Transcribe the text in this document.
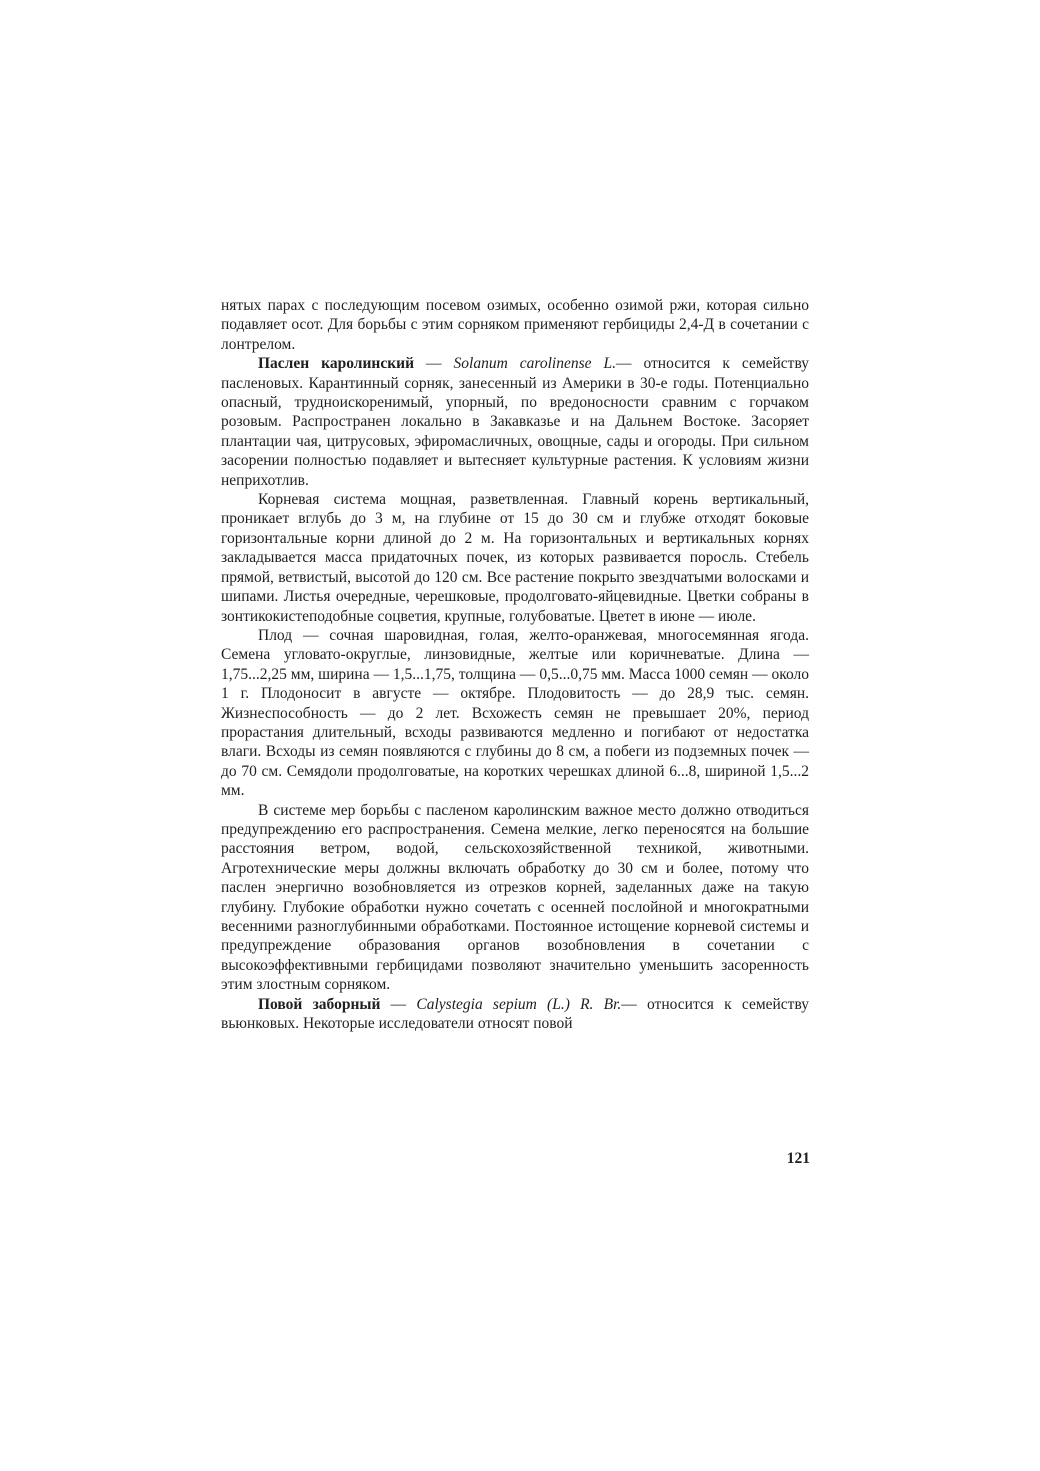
нятых парах с последующим посевом озимых, особенно озимой ржи, которая сильно подавляет осот. Для борьбы с этим сорняком применяют гербициды 2,4-Д в сочетании с лонтрелом.

Паслен каролинский — Solanum carolinense L.— относится к семейству пасленовых. Карантинный сорняк, занесенный из Америки в 30-е годы. Потенциально опасный, трудноискоренимый, упорный, по вредоносности сравним с горчаком розовым. Распространен локально в Закавказье и на Дальнем Востоке. Засоряет плантации чая, цитрусовых, эфиромасличных, овощные, сады и огороды. При сильном засорении полностью подавляет и вытесняет культурные растения. К условиям жизни неприхотлив.

Корневая система мощная, разветвленная. Главный корень вертикальный, проникает вглубь до 3 м, на глубине от 15 до 30 см и глубже отходят боковые горизонтальные корни длиной до 2 м. На горизонтальных и вертикальных корнях закладывается масса придаточных почек, из которых развивается поросль. Стебель прямой, ветвистый, высотой до 120 см. Все растение покрыто звездчатыми волосками и шипами. Листья очередные, черешковые, продолговато-яйцевидные. Цветки собраны в зонтикокистеподобные соцветия, крупные, голубоватые. Цветет в июне — июле.

Плод — сочная шаровидная, голая, желто-оранжевая, многосемянная ягода. Семена угловато-округлые, линзовидные, желтые или коричневатые. Длина — 1,75...2,25 мм, ширина — 1,5...1,75, толщина — 0,5...0,75 мм. Масса 1000 семян — около 1 г. Плодоносит в августе — октябре. Плодовитость — до 28,9 тыс. семян. Жизнеспособность — до 2 лет. Всхожесть семян не превышает 20%, период прорастания длительный, всходы развиваются медленно и погибают от недостатка влаги. Всходы из семян появляются с глубины до 8 см, а побеги из подземных почек — до 70 см. Семядоли продолговатые, на коротких черешках длиной 6...8, шириной 1,5...2 мм.

В системе мер борьбы с пасленом каролинским важное место должно отводиться предупреждению его распространения. Семена мелкие, легко переносятся на большие расстояния ветром, водой, сельскохозяйственной техникой, животными. Агротехнические меры должны включать обработку до 30 см и более, потому что паслен энергично возобновляется из отрезков корней, заделанных даже на такую глубину. Глубокие обработки нужно сочетать с осенней послойной и многократными весенними разноглубинными обработками. Постоянное истощение корневой системы и предупреждение образования органов возобновления в сочетании с высокоэффективными гербицидами позволяют значительно уменьшить засоренность этим злостным сорняком.

Повой заборный — Calystegia sepium (L.) R. Br.— относится к семейству вьюнковых. Некоторые исследователи относят повой

121
